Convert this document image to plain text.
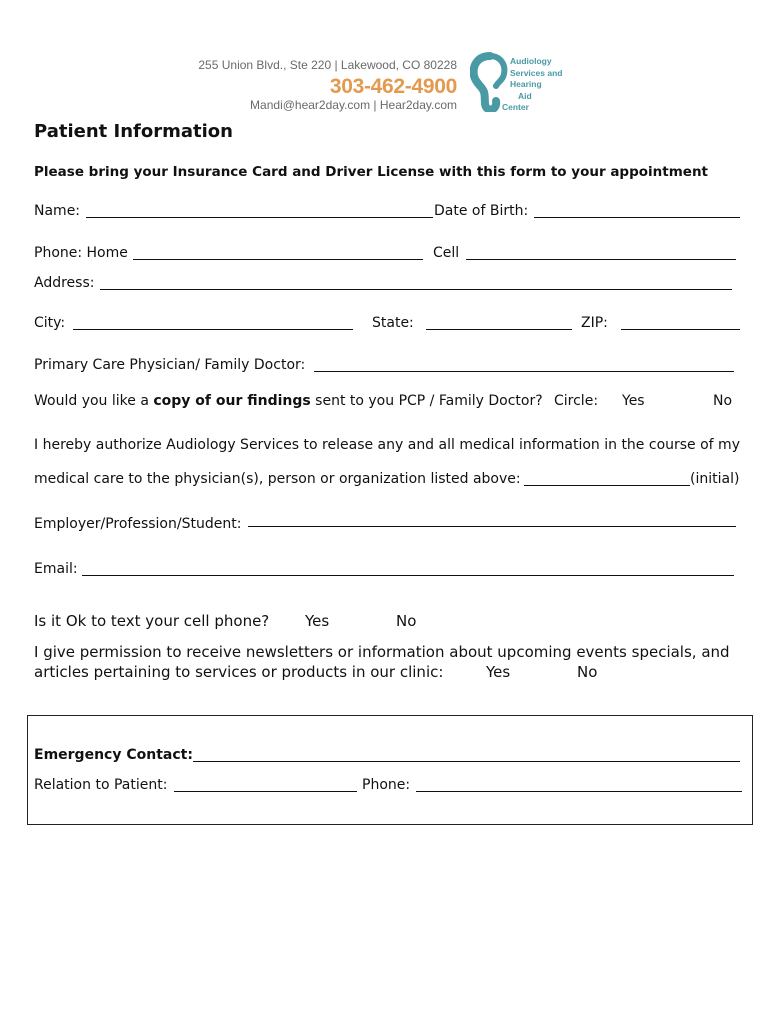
255 Union Blvd., Ste 220 | Lakewood, CO 80228
303-462-4900
Mandi@hear2day.com | Hear2day.com
Audiology
Services and
Hearing
Aid
Center
Patient Information
Please bring your Insurance Card and Driver License with this form to your appointment
Name:	Date of Birth:
Phone: Home	Cell
Address:
City:	State:	ZIP:
Primary Care Physician/ Family Doctor:
Would you like a copy of our findings sent to you PCP / Family Doctor? Circle: Yes	No
I hereby authorize Audiology Services to release any and all medical information in the course of my
medical care to the physician(s), person or organization listed above:	(initial)
Employer/Profession/Student:
Email:
Is it Ok to text your cell phone? Yes	No
I give permission to receive newsletters or information about upcoming events specials, and
articles pertaining to services or products in our clinic:	Yes	No
Emergency Contact:
Relation to Patient:	Phone:
